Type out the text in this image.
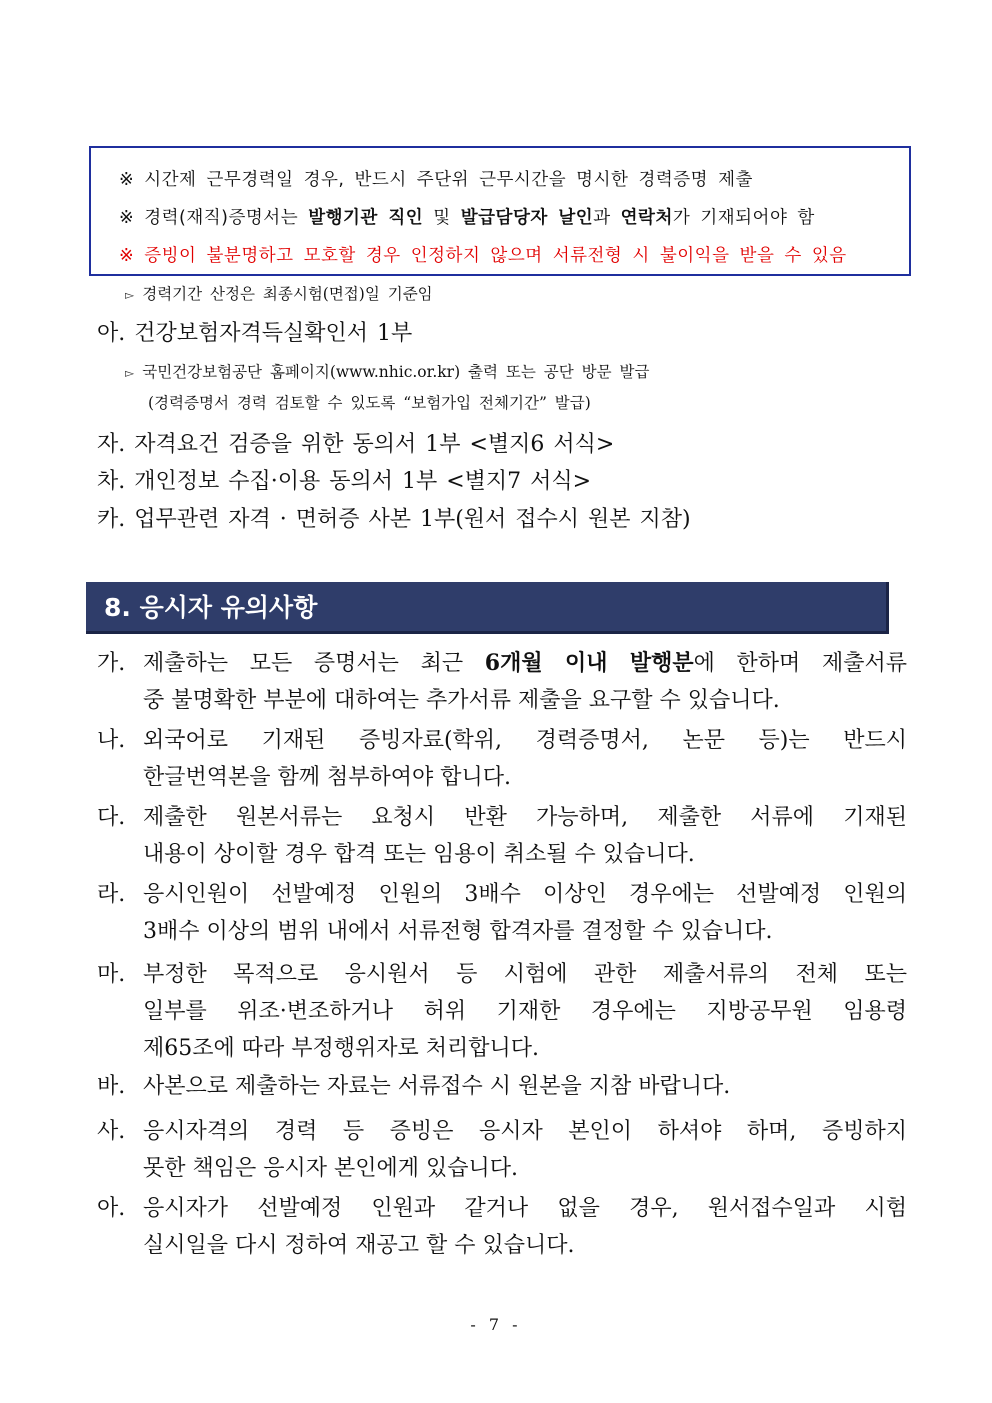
※ 시간제 근무경력일 경우, 반드시 주단위 근무시간을 명시한 경력증명 제출
※ 경력(재직)증명서는 발행기관 직인 및 발급담당자 날인과 연락처가 기재되어야 함
※ 증빙이 불분명하고 모호할 경우 인정하지 않으며 서류전형 시 불이익을 받을 수 있음
▻ 경력기간 산정은 최종시험(면접)일 기준임
아. 건강보험자격득실확인서 1부
▻ 국민건강보험공단 홈페이지(www.nhic.or.kr) 출력 또는 공단 방문 발급
(경력증명서 경력 검토할 수 있도록 “보험가입 전체기간” 발급)
자. 자격요건 검증을 위한 동의서 1부 <별지6 서식>
차. 개인정보 수집·이용 동의서 1부 <별지7 서식>
카. 업무관련 자격 · 면허증 사본 1부(원서 접수시 원본 지참)
8. 응시자 유의사항
가. 제출하는 모든 증명서는 최근 6개월 이내 발행분에 한하며 제출서류
중 불명확한 부분에 대하여는 추가서류 제출을 요구할 수 있습니다.
나. 외국어로 기재된 증빙자료(학위, 경력증명서, 논문 등)는 반드시
한글번역본을 함께 첨부하여야 합니다.
다. 제출한 원본서류는 요청시 반환 가능하며, 제출한 서류에 기재된
내용이 상이할 경우 합격 또는 임용이 취소될 수 있습니다.
라. 응시인원이 선발예정 인원의 3배수 이상인 경우에는 선발예정 인원의
3배수 이상의 범위 내에서 서류전형 합격자를 결정할 수 있습니다.
마. 부정한 목적으로 응시원서 등 시험에 관한 제출서류의 전체 또는
일부를 위조·변조하거나 허위 기재한 경우에는 지방공무원 임용령
제65조에 따라 부정행위자로 처리합니다.
바. 사본으로 제출하는 자료는 서류접수 시 원본을 지참 바랍니다.
사. 응시자격의 경력 등 증빙은 응시자 본인이 하셔야 하며, 증빙하지
못한 책임은 응시자 본인에게 있습니다.
아. 응시자가 선발예정 인원과 같거나 없을 경우, 원서접수일과 시험
실시일을 다시 정하여 재공고 할 수 있습니다.
- 7 -
